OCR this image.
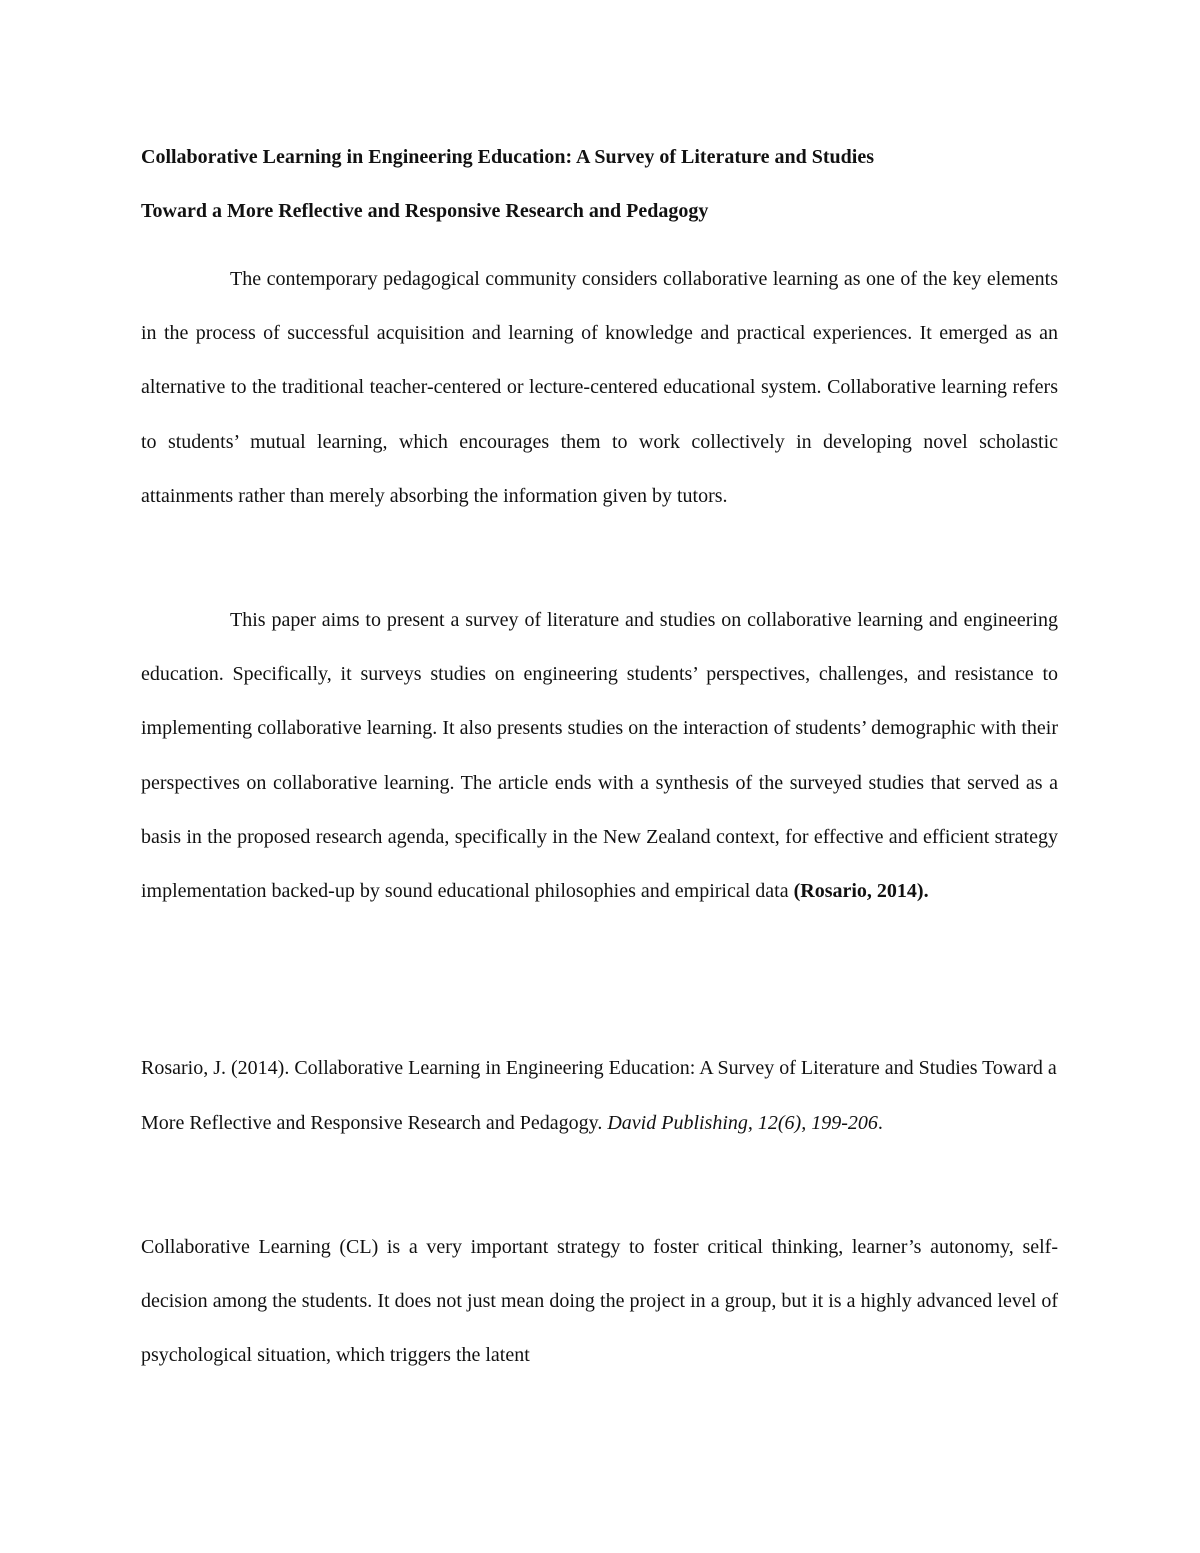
Collaborative Learning in Engineering Education: A Survey of Literature and Studies
Toward a More Reflective and Responsive Research and Pedagogy

The contemporary pedagogical community considers collaborative learning as one of the key elements in the process of successful acquisition and learning of knowledge and practical experiences. It emerged as an alternative to the traditional teacher-centered or lecture-centered educational system. Collaborative learning refers to students’ mutual learning, which encourages them to work collectively in developing novel scholastic attainments rather than merely absorbing the information given by tutors.

This paper aims to present a survey of literature and studies on collaborative learning and engineering education. Specifically, it surveys studies on engineering students’ perspectives, challenges, and resistance to implementing collaborative learning. It also presents studies on the interaction of students’ demographic with their perspectives on collaborative learning. The article ends with a synthesis of the surveyed studies that served as a basis in the proposed research agenda, specifically in the New Zealand context, for effective and efficient strategy implementation backed-up by sound educational philosophies and empirical data (Rosario, 2014).

Rosario, J. (2014). Collaborative Learning in Engineering Education: A Survey of Literature and Studies Toward a More Reflective and Responsive Research and Pedagogy. David Publishing, 12(6), 199-206.

Collaborative Learning (CL) is a very important strategy to foster critical thinking, learner’s autonomy, self-decision among the students. It does not just mean doing the project in a group, but it is a highly advanced level of psychological situation, which triggers the latent
